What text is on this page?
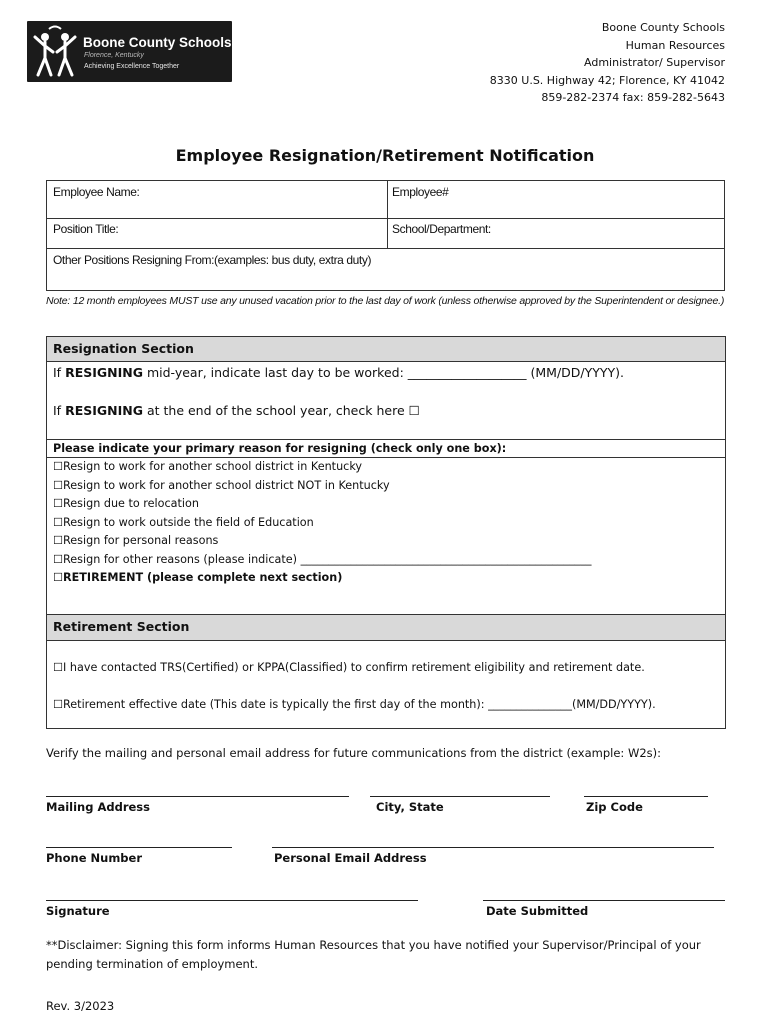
Boone County Schools
Florence, Kentucky
Achieving Excellence Together
Boone County Schools
Human Resources
Administrator/ Supervisor
8330 U.S. Highway 42; Florence, KY 41042
859-282-2374 fax: 859-282-5643
Employee Resignation/Retirement Notification
Employee Name:	Employee#
Position Title:	School/Department:
Other Positions Resigning From:(examples: bus duty, extra duty)
Note: 12 month employees MUST use any unused vacation prior to the last day of work (unless otherwise approved by the Superintendent or designee.)
Resignation Section
If RESIGNING mid-year, indicate last day to be worked: ___________________ (MM/DD/YYYY).
If RESIGNING at the end of the school year, check here ☐
Please indicate your primary reason for resigning (check only one box):
☐Resign to work for another school district in Kentucky
☐Resign to work for another school district NOT in Kentucky
☐Resign due to relocation
☐Resign to work outside the field of Education
☐Resign for personal reasons
☐Resign for other reasons (please indicate) ____________________________________________________
☐RETIREMENT (please complete next section)
Retirement Section
☐I have contacted TRS(Certified) or KPPA(Classified) to confirm retirement eligibility and retirement date.
☐Retirement effective date (This date is typically the first day of the month): _______________(MM/DD/YYYY).
Verify the mailing and personal email address for future communications from the district (example: W2s):
Mailing Address	City, State	Zip Code
Phone Number	Personal Email Address
Signature	Date Submitted
**Disclaimer: Signing this form informs Human Resources that you have notified your Supervisor/Principal of your pending termination of employment.
Rev. 3/2023
